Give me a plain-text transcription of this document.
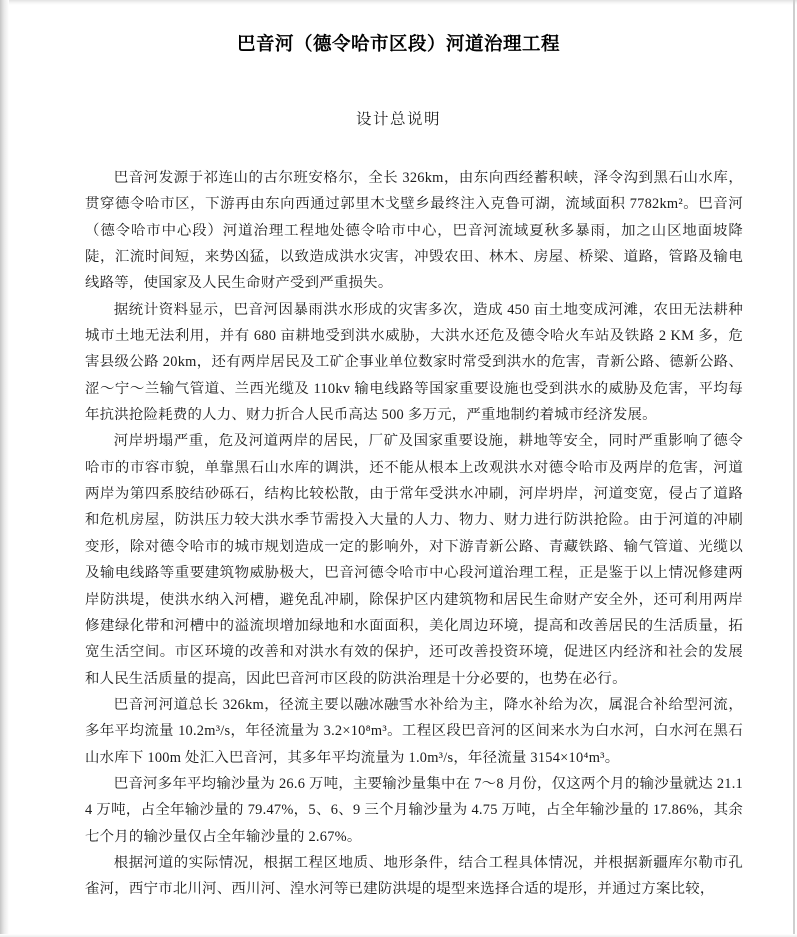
巴音河（德令哈市区段）河道治理工程
设计总说明

巴音河发源于祁连山的古尔班安格尔，全长 326km，由东向西经蓄积峡，泽令沟到黑石山水库，贯穿德令哈市区，下游再由东向西通过郭里木戈壁乡最终注入克鲁可湖，流域面积 7782km²。巴音河（德令哈市中心段）河道治理工程地处德令哈市中心，巴音河流域夏秋多暴雨，加之山区地面坡降陡，汇流时间短，来势凶猛，以致造成洪水灾害，冲毁农田、林木、房屋、桥梁、道路，管路及输电线路等，使国家及人民生命财产受到严重损失。

据统计资料显示，巴音河因暴雨洪水形成的灾害多次，造成 450 亩土地变成河滩，农田无法耕种城市土地无法利用，并有 680 亩耕地受到洪水威胁，大洪水还危及德令哈火车站及铁路 2 KM 多，危害县级公路 20km，还有两岸居民及工矿企事业单位数家时常受到洪水的危害，青新公路、德新公路、涩～宁～兰输气管道、兰西光缆及 110kv 输电线路等国家重要设施也受到洪水的威胁及危害，平均每年抗洪抢险耗费的人力、财力折合人民币高达 500 多万元，严重地制约着城市经济发展。

河岸坍塌严重，危及河道两岸的居民，厂矿及国家重要设施，耕地等安全，同时严重影响了德令哈市的市容市貌，单靠黑石山水库的调洪，还不能从根本上改观洪水对德令哈市及两岸的危害，河道两岸为第四系胶结砂砾石，结构比较松散，由于常年受洪水冲刷，河岸坍岸，河道变宽，侵占了道路和危机房屋，防洪压力较大洪水季节需投入大量的人力、物力、财力进行防洪抢险。由于河道的冲刷变形，除对德令哈市的城市规划造成一定的影响外，对下游青新公路、青藏铁路、输气管道、光缆以及输电线路等重要建筑物威胁极大，巴音河德令哈市中心段河道治理工程，正是鉴于以上情况修建两岸防洪堤，使洪水纳入河槽，避免乱冲刷，除保护区内建筑物和居民生命财产安全外，还可利用两岸修建绿化带和河槽中的溢流坝增加绿地和水面面积，美化周边环境，提高和改善居民的生活质量，拓宽生活空间。市区环境的改善和对洪水有效的保护，还可改善投资环境，促进区内经济和社会的发展和人民生活质量的提高，因此巴音河市区段的防洪治理是十分必要的，也势在必行。

巴音河河道总长 326km，径流主要以融冰融雪水补给为主，降水补给为次，属混合补给型河流，多年平均流量 10.2m³/s，年径流量为 3.2×10⁸m³。工程区段巴音河的区间来水为白水河，白水河在黑石山水库下 100m 处汇入巴音河，其多年平均流量为 1.0m³/s，年径流量 3154×10⁴m³。

巴音河多年平均输沙量为 26.6 万吨，主要输沙量集中在 7～8 月份，仅这两个月的输沙量就达 21.14 万吨，占全年输沙量的 79.47%，5、6、9 三个月输沙量为 4.75 万吨，占全年输沙量的 17.86%，其余七个月的输沙量仅占全年输沙量的 2.67%。

根据河道的实际情况，根据工程区地质、地形条件，结合工程具体情况，并根据新疆库尔勒市孔雀河，西宁市北川河、西川河、湟水河等已建防洪堤的堤型来选择合适的堤形，并通过方案比较，
